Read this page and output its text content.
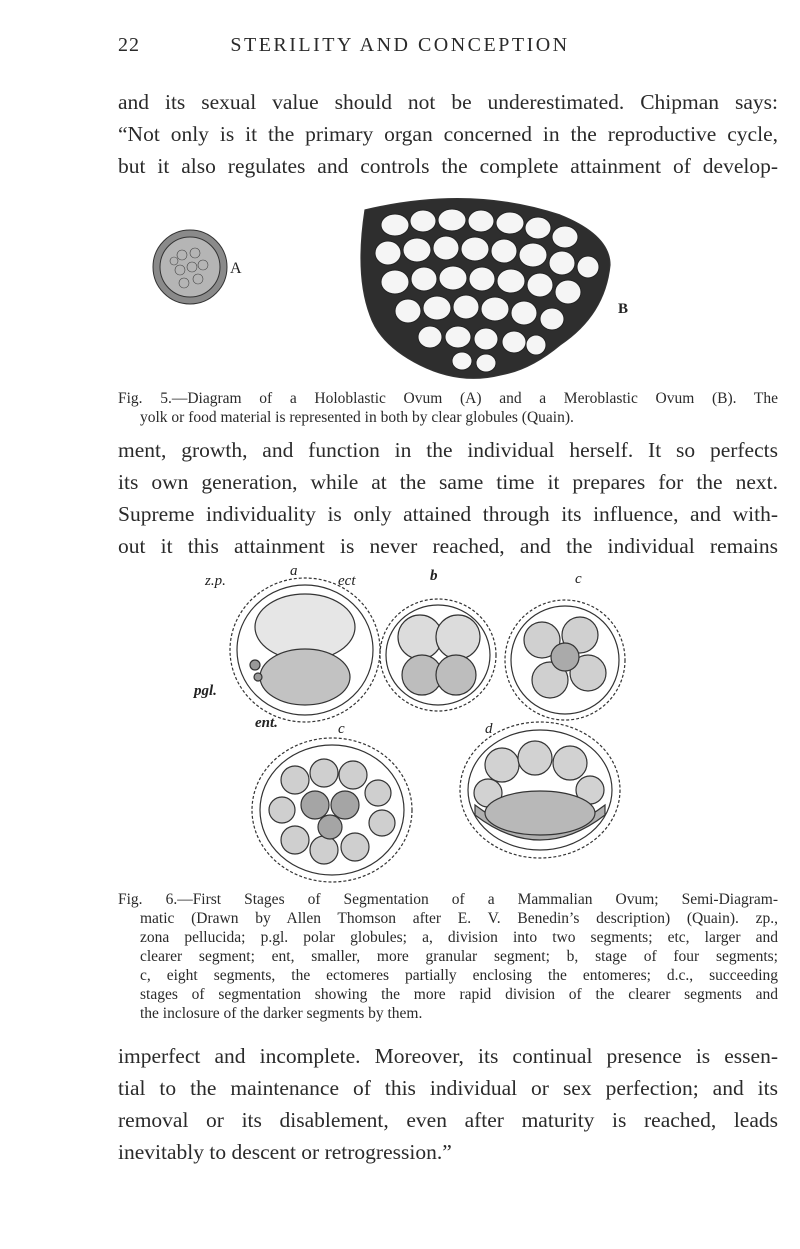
22	STERILITY AND CONCEPTION

and its sexual value should not be underestimated. Chipman says:
“Not only is it the primary organ concerned in the reproductive cycle,
but it also regulates and controls the complete attainment of develop-

A
B
Fig. 5.—Diagram of a Holoblastic Ovum (A) and a Meroblastic Ovum (B). The
yolk or food material is represented in both by clear globules (Quain).

ment, growth, and function in the individual herself. It so perfects
its own generation, while at the same time it prepares for the next.
Supreme individuality is only attained through its influence, and with-
out it this attainment is never reached, and the individual remains

a	b	c
z.p.	ect
pgl.
ent.	c	d
Fig. 6.—First Stages of Segmentation of a Mammalian Ovum; Semi-Diagram-
matic (Drawn by Allen Thomson after E. V. Benedin’s description) (Quain). zp.,
zona pellucida; p.gl. polar globules; a, division into two segments; etc, larger and
clearer segment; ent, smaller, more granular segment; b, stage of four segments;
c, eight segments, the ectomeres partially enclosing the entomeres; d.c., succeeding
stages of segmentation showing the more rapid division of the clearer segments and
the inclosure of the darker segments by them.

imperfect and incomplete. Moreover, its continual presence is essen-
tial to the maintenance of this individual or sex perfection; and its
removal or its disablement, even after maturity is reached, leads
inevitably to descent or retrogression.”
